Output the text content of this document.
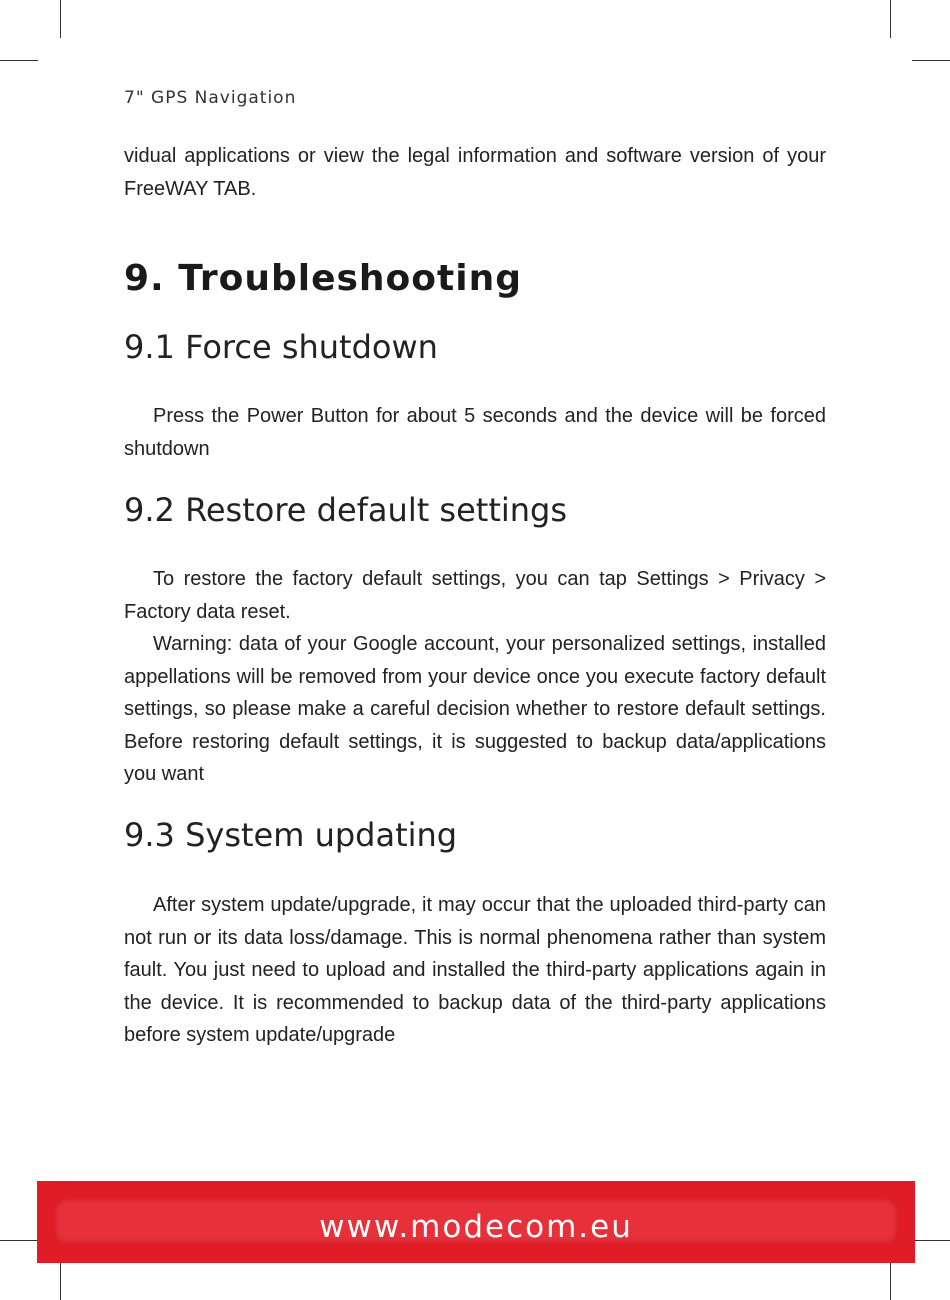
7" GPS Navigation

vidual applications or view the legal information and software version of your FreeWAY TAB.

9. Troubleshooting
9.1 Force shutdown

Press the Power Button for about 5 seconds and the device will be forced shutdown

9.2 Restore default settings

To restore the factory default settings, you can tap Settings > Privacy > Factory data reset.

Warning: data of your Google account, your personalized settings, installed appellations will be removed from your device once you execute factory default settings, so please make a careful decision whether to restore default settings. Before restoring default settings, it is suggested to backup data/applications you want

9.3 System updating

After system update/upgrade, it may occur that the uploaded third-party can not run or its data loss/damage. This is normal phenomena rather than system fault. You just need to upload and installed the third-party applications again in the device. It is recommended to backup data of the third-party applications before system update/upgrade

www.modecom.eu
